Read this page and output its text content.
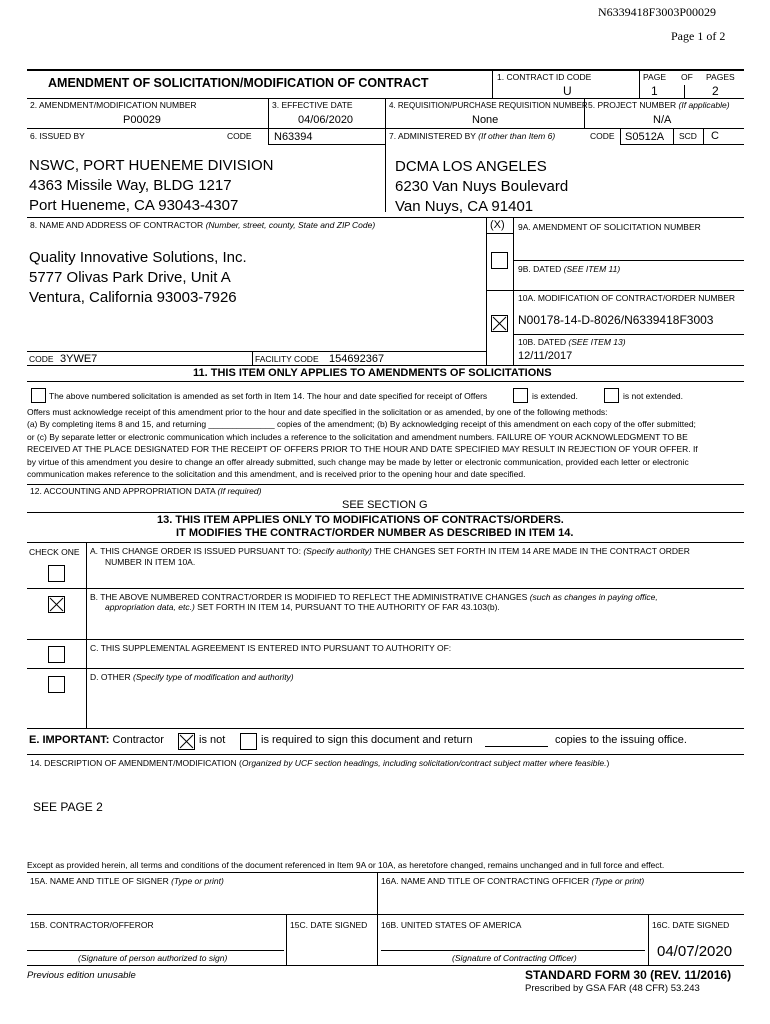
N6339418F3003P00029
Page 1 of 2
AMENDMENT OF SOLICITATION/MODIFICATION OF CONTRACT	1. CONTRACT ID CODE
U
PAGE OF PAGES
1	2
2. AMENDMENT/MODIFICATION NUMBER
P00029
3. EFFECTIVE DATE
04/06/2020
4. REQUISITION/PURCHASE REQUISITION NUMBER
None
5. PROJECT NUMBER (If applicable)
N/A
6. ISSUED BY	CODE N63394	7. ADMINISTERED BY (If other than Item 6)	CODE S0512A SCD C
NSWC, PORT HUENEME DIVISION
4363 Missile Way, BLDG 1217
Port Hueneme, CA 93043-4307
DCMA LOS ANGELES
6230 Van Nuys Boulevard
Van Nuys, CA 91401
8. NAME AND ADDRESS OF CONTRACTOR (Number, street, county, State and ZIP Code)	(X) 9A. AMENDMENT OF SOLICITATION NUMBER
9B. DATED (SEE ITEM 11)
10A. MODIFICATION OF CONTRACT/ORDER NUMBER
N00178-14-D-8026/N6339418F3003
10B. DATED (SEE ITEM 13)
12/11/2017
Quality Innovative Solutions, Inc.
5777 Olivas Park Drive, Unit A
Ventura, California 93003-7926
CODE 3YWE7	FACILITY CODE 154692367
11. THIS ITEM ONLY APPLIES TO AMENDMENTS OF SOLICITATIONS
The above numbered solicitation is amended as set forth in Item 14. The hour and date specified for receipt of Offers	is extended.	is not extended.
Offers must acknowledge receipt of this amendment prior to the hour and date specified in the solicitation or as amended, by one of the following methods:
(a) By completing items 8 and 15, and returning ______________ copies of the amendment; (b) By acknowledging receipt of this amendment on each copy of the offer submitted;
or (c) By separate letter or electronic communication which includes a reference to the solicitation and amendment numbers. FAILURE OF YOUR ACKNOWLEDGMENT TO BE
RECEIVED AT THE PLACE DESIGNATED FOR THE RECEIPT OF OFFERS PRIOR TO THE HOUR AND DATE SPECIFIED MAY RESULT IN REJECTION OF YOUR OFFER. If
by virtue of this amendment you desire to change an offer already submitted, such change may be made by letter or electronic communication, provided each letter or electronic
communication makes reference to the solicitation and this amendment, and is received prior to the opening hour and date specified.
12. ACCOUNTING AND APPROPRIATION DATA (If required)
SEE SECTION G
13. THIS ITEM APPLIES ONLY TO MODIFICATIONS OF CONTRACTS/ORDERS.
IT MODIFIES THE CONTRACT/ORDER NUMBER AS DESCRIBED IN ITEM 14.
CHECK ONE A. THIS CHANGE ORDER IS ISSUED PURSUANT TO: (Specify authority) THE CHANGES SET FORTH IN ITEM 14 ARE MADE IN THE CONTRACT ORDER
NUMBER IN ITEM 10A.
B. THE ABOVE NUMBERED CONTRACT/ORDER IS MODIFIED TO REFLECT THE ADMINISTRATIVE CHANGES (such as changes in paying office,
appropriation data, etc.) SET FORTH IN ITEM 14, PURSUANT TO THE AUTHORITY OF FAR 43.103(b).
C. THIS SUPPLEMENTAL AGREEMENT IS ENTERED INTO PURSUANT TO AUTHORITY OF:
D. OTHER (Specify type of modification and authority)
E. IMPORTANT: Contractor	is not	is required to sign this document and return	copies to the issuing office.
14. DESCRIPTION OF AMENDMENT/MODIFICATION (Organized by UCF section headings, including solicitation/contract subject matter where feasible.)
SEE PAGE 2
Except as provided herein, all terms and conditions of the document referenced in Item 9A or 10A, as heretofore changed, remains unchanged and in full force and effect.
15A. NAME AND TITLE OF SIGNER (Type or print)	16A. NAME AND TITLE OF CONTRACTING OFFICER (Type or print)
15B. CONTRACTOR/OFFEROR	15C. DATE SIGNED 16B. UNITED STATES OF AMERICA	16C. DATE SIGNED
04/07/2020
(Signature of person authorized to sign)	(Signature of Contracting Officer)
Previous edition unusable	STANDARD FORM 30 (REV. 11/2016)
Prescribed by GSA FAR (48 CFR) 53.243
